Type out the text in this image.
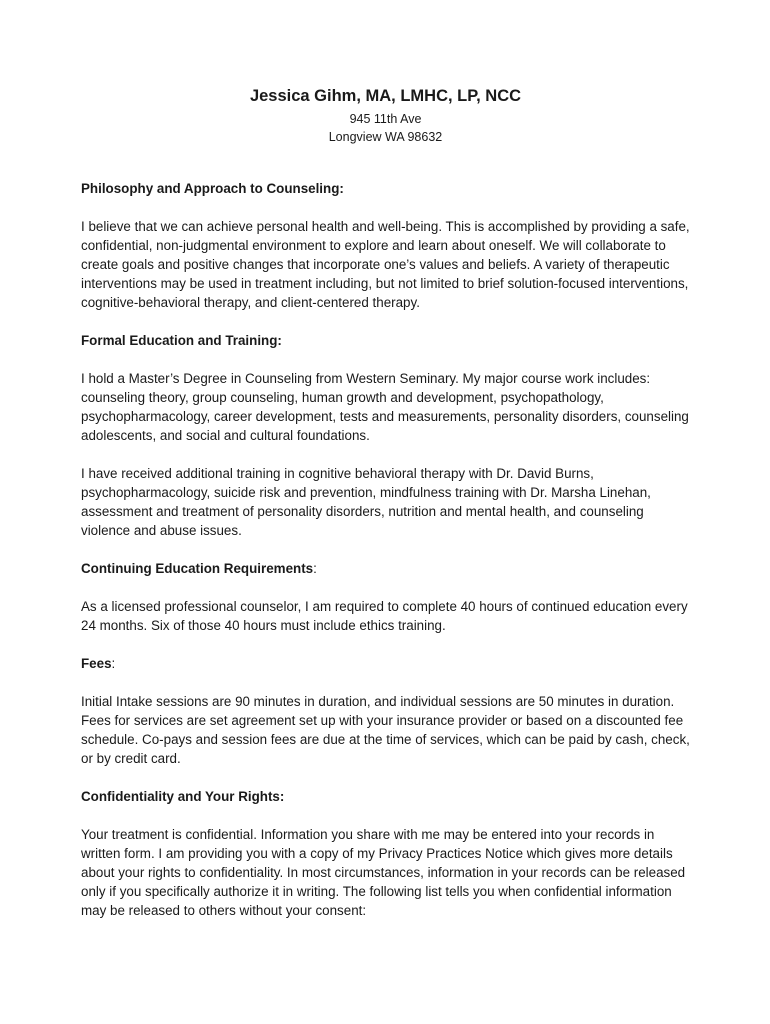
Jessica Gihm, MA, LMHC, LP, NCC

945 11th Ave

Longview WA 98632

Philosophy and Approach to Counseling:

I believe that we can achieve personal health and well-being. This is accomplished by providing a safe, confidential, non-judgmental environment to explore and learn about oneself. We will collaborate to create goals and positive changes that incorporate one’s values and beliefs. A variety of therapeutic interventions may be used in treatment including, but not limited to brief solution-focused interventions, cognitive-behavioral therapy, and client-centered therapy.

Formal Education and Training:

I hold a Master’s Degree in Counseling from Western Seminary. My major course work includes: counseling theory, group counseling, human growth and development, psychopathology, psychopharmacology, career development, tests and measurements, personality disorders, counseling adolescents, and social and cultural foundations.

I have received additional training in cognitive behavioral therapy with Dr. David Burns, psychopharmacology, suicide risk and prevention, mindfulness training with Dr. Marsha Linehan, assessment and treatment of personality disorders, nutrition and mental health, and counseling violence and abuse issues.

Continuing Education Requirements:

As a licensed professional counselor, I am required to complete 40 hours of continued education every 24 months. Six of those 40 hours must include ethics training.

Fees:

Initial Intake sessions are 90 minutes in duration, and individual sessions are 50 minutes in duration. Fees for services are set agreement set up with your insurance provider or based on a discounted fee schedule. Co-pays and session fees are due at the time of services, which can be paid by cash, check, or by credit card.

Confidentiality and Your Rights:

Your treatment is confidential. Information you share with me may be entered into your records in written form. I am providing you with a copy of my Privacy Practices Notice which gives more details about your rights to confidentiality. In most circumstances, information in your records can be released only if you specifically authorize it in writing. The following list tells you when confidential information may be released to others without your consent:
